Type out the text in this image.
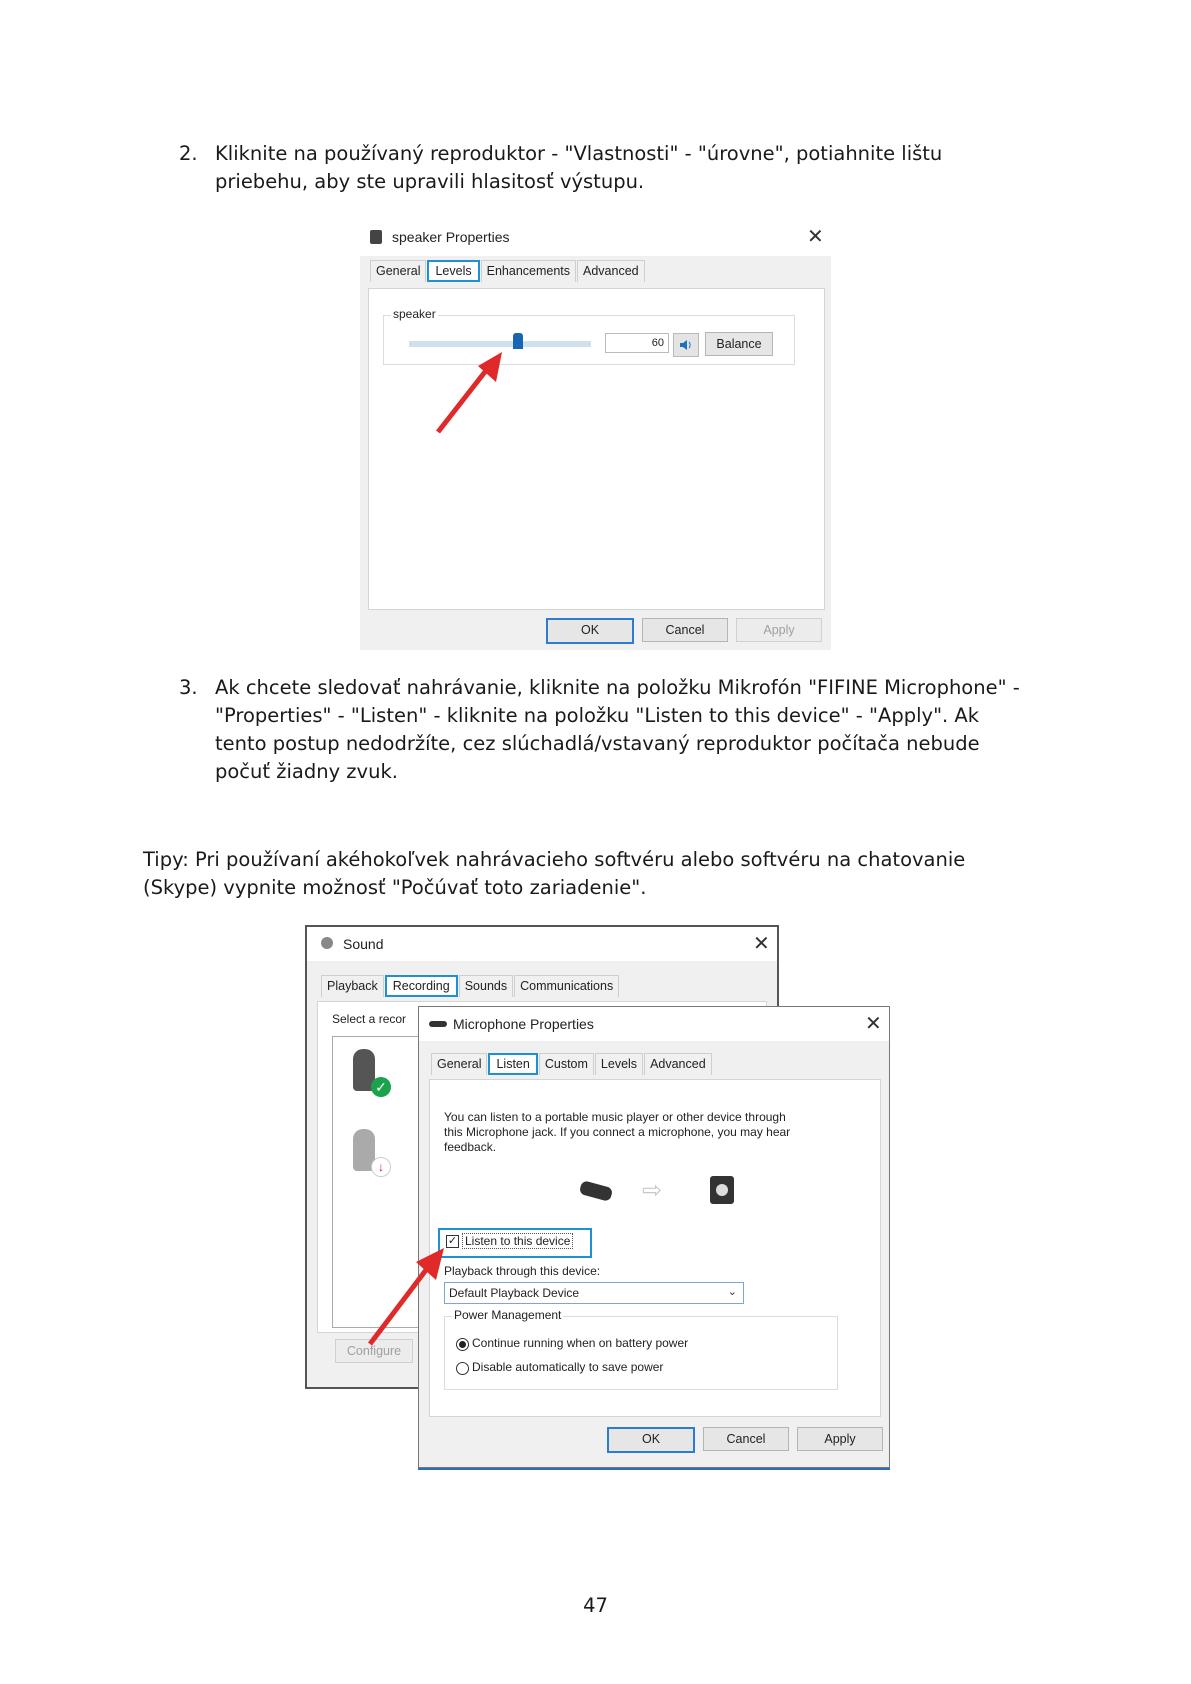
2. Kliknite na používaný reproduktor - "Vlastnosti" - "úrovne", potiahnite lištu
priebehu, aby ste upravili hlasitosť výstupu.
speaker Properties	✕
General	Levels	Enhancements	Advanced
speaker
60	Balance
OK	Cancel	Apply
3. Ak chcete sledovať nahrávanie, kliknite na položku Mikrofón "FIFINE Microphone" -
"Properties" - "Listen" - kliknite na položku "Listen to this device" - "Apply". Ak
tento postup nedodržíte, cez slúchadlá/vstavaný reproduktor počítača nebude
počuť žiadny zvuk.
Tipy: Pri používaní akéhokoľvek nahrávacieho softvéru alebo softvéru na chatovanie
(Skype) vypnite možnosť "Počúvať toto zariadenie".
Sound	✕
Playback	Recording	Sounds	Communications
Select a recor
✓
↓
Configure
Microphone Properties	✕
General	Listen	Custom	Levels	Advanced
You can listen to a portable music player or other device through
this Microphone jack. If you connect a microphone, you may hear
feedback.
⇨
✓ Listen to this device
Playback through this device:
Default Playback Device	⌄
Power Management
Continue running when on battery power
Disable automatically to save power
OK	Cancel	Apply
47
